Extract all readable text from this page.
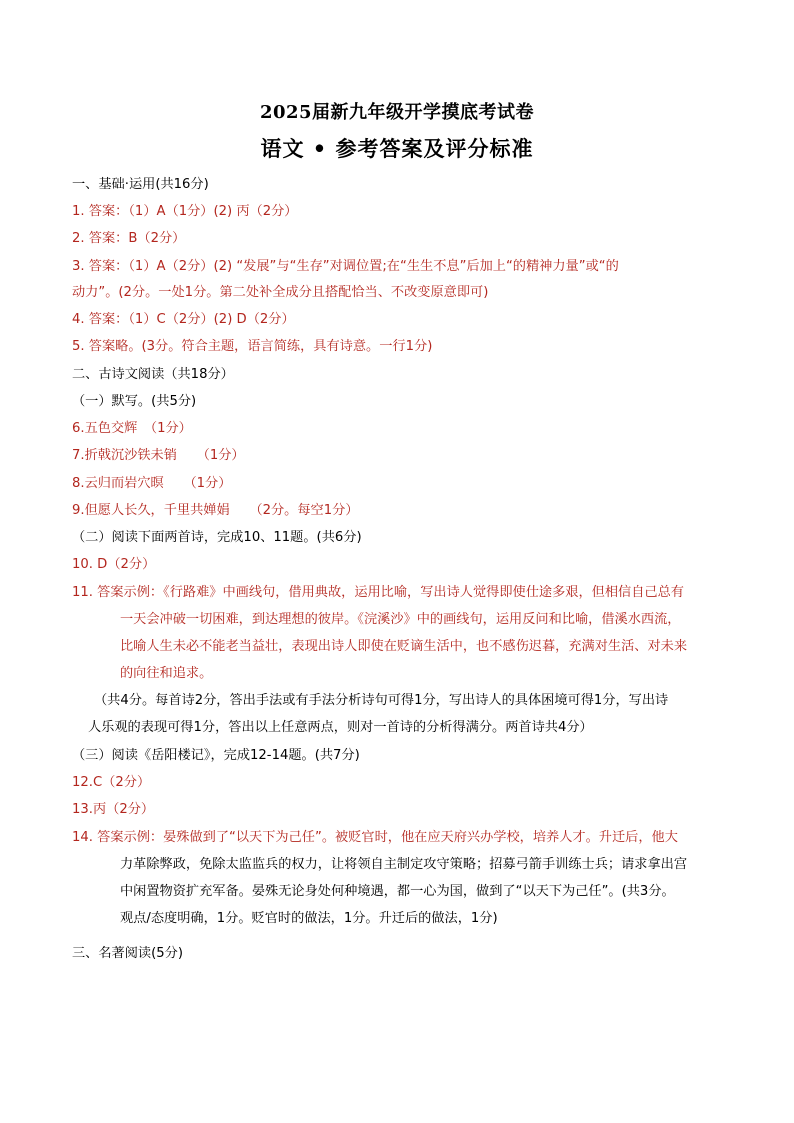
2025届新九年级开学摸底考试卷
语文 • 参考答案及评分标准
一、基础·运用(共16分)
1. 答案：（1）A（1分）(2) 丙（2分）
2. 答案：B（2分）
3. 答案：（1）A（2分）(2) “发展”与“生存”对调位置;在“生生不息”后加上“的精神力量”或“的
动力”。(2分。一处1分。第二处补全成分且搭配恰当、不改变原意即可)
4. 答案：（1）C（2分）(2) D（2分）
5. 答案略。(3分。符合主题，语言简练，具有诗意。一行1分)
二、古诗文阅读（共18分）
（一）默写。(共5分)
6.五色交辉　（1分）
7.折戟沉沙铁未销　　（1分）
8.云归而岩穴暝　　（1分）
9.但愿人长久，千里共婵娟　　（2分。每空1分）
（二）阅读下面两首诗，完成10、11题。(共6分)
10. D（2分）
11. 答案示例：《行路难》中画线句，借用典故，运用比喻，写出诗人觉得即使仕途多艰，但相信自己总有
一天会冲破一切困难，到达理想的彼岸。《浣溪沙》中的画线句，运用反问和比喻，借溪水西流，
比喻人生未必不能老当益壮，表现出诗人即使在贬谪生活中，也不感伤迟暮，充满对生活、对未来
的向往和追求。
（共4分。每首诗2分，答出手法或有手法分析诗句可得1分，写出诗人的具体困境可得1分，写出诗
人乐观的表现可得1分，答出以上任意两点，则对一首诗的分析得满分。两首诗共4分）
（三）阅读《岳阳楼记》，完成12-14题。(共7分)
12.C（2分）
13.丙（2分）
14. 答案示例：晏殊做到了“以天下为己任”。被贬官时，他在应天府兴办学校，培养人才。升迁后，他大
力革除弊政，免除太监监兵的权力，让将领自主制定攻守策略；招募弓箭手训练士兵；请求拿出宫
中闲置物资扩充军备。晏殊无论身处何种境遇，都一心为国，做到了“以天下为己任”。(共3分。
观点/态度明确，1分。贬官时的做法，1分。升迁后的做法，1分)
三、名著阅读(5分)
